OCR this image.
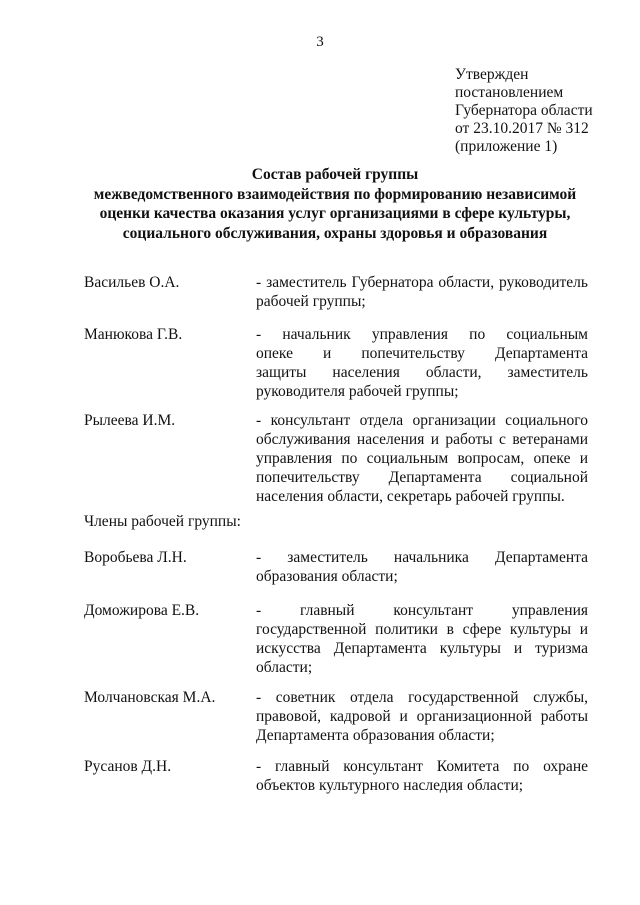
3
Утвержден
постановлением
Губернатора области
от 23.10.2017 № 312
(приложение 1)
Состав рабочей группы
межведомственного взаимодействия по формированию независимой
оценки качества оказания услуг организациями в сфере культуры,
социального обслуживания, охраны здоровья и образования
Васильев О.А.	- заместитель Губернатора области, руководитель
рабочей группы;
Манюкова Г.В.	- начальник управления по социальным
опеке и попечительству Департамента
защиты населения области, заместитель
руководителя рабочей группы;
Рылеева И.М.	- консультант отдела организации социального
обслуживания населения и работы с ветеранами
управления по социальным вопросам, опеке и
попечительству Департамента социальной
населения области, секретарь рабочей группы.
Члены рабочей группы:
Воробьева Л.Н.	- заместитель начальника Департамента
образования области;
Доможирова Е.В.	- главный консультант управления
государственной политики в сфере культуры и
искусства Департамента культуры и туризма
области;
Молчановская М.А.	- советник отдела государственной службы,
правовой, кадровой и организационной работы
Департамента образования области;
Русанов Д.Н.	- главный консультант Комитета по охране
объектов культурного наследия области;
